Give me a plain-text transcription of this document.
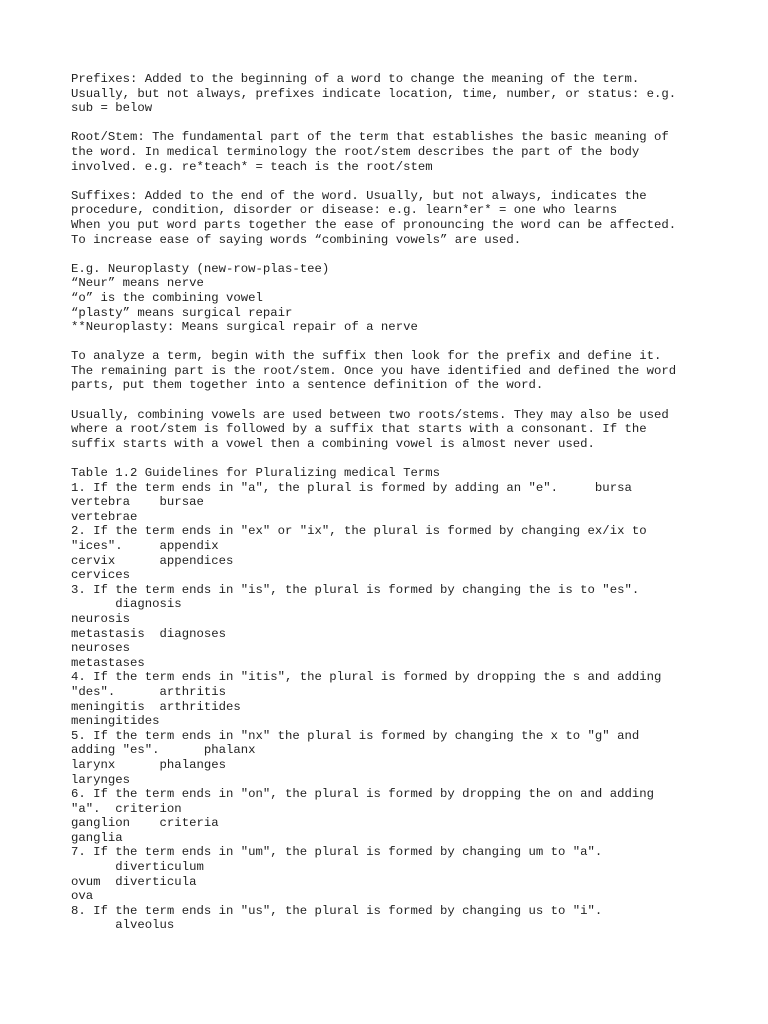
Prefixes: Added to the beginning of a word to change the meaning of the term.
Usually, but not always, prefixes indicate location, time, number, or status: e.g.
sub = below
Root/Stem: The fundamental part of the term that establishes the basic meaning of
the word. In medical terminology the root/stem describes the part of the body
involved. e.g. re*teach* = teach is the root/stem
Suffixes: Added to the end of the word. Usually, but not always, indicates the
procedure, condition, disorder or disease: e.g. learn*er* = one who learns
When you put word parts together the ease of pronouncing the word can be affected.
To increase ease of saying words “combining vowels” are used.
E.g. Neuroplasty (new-row-plas-tee)
“Neur” means nerve
“o” is the combining vowel
“plasty” means surgical repair
**Neuroplasty: Means surgical repair of a nerve
To analyze a term, begin with the suffix then look for the prefix and define it.
The remaining part is the root/stem. Once you have identified and defined the word
parts, put them together into a sentence definition of the word.
Usually, combining vowels are used between two roots/stems. They may also be used
where a root/stem is followed by a suffix that starts with a consonant. If the
suffix starts with a vowel then a combining vowel is almost never used.
Table 1.2 Guidelines for Pluralizing medical Terms
1. If the term ends in "a", the plural is formed by adding an "e".     bursa
vertebra    bursae
vertebrae
2. If the term ends in "ex" or "ix", the plural is formed by changing ex/ix to
"ices".     appendix
cervix      appendices
cervices
3. If the term ends in "is", the plural is formed by changing the is to "es".
diagnosis
neurosis
metastasis  diagnoses
neuroses
metastases
4. If the term ends in "itis", the plural is formed by dropping the s and adding
"des".      arthritis
meningitis  arthritides
meningitides
5. If the term ends in "nx" the plural is formed by changing the x to "g" and
adding "es".      phalanx
larynx      phalanges
larynges
6. If the term ends in "on", the plural is formed by dropping the on and adding
"a".  criterion
ganglion    criteria
ganglia
7. If the term ends in "um", the plural is formed by changing um to "a".
diverticulum
ovum  diverticula
ova
8. If the term ends in "us", the plural is formed by changing us to "i".
alveolus
